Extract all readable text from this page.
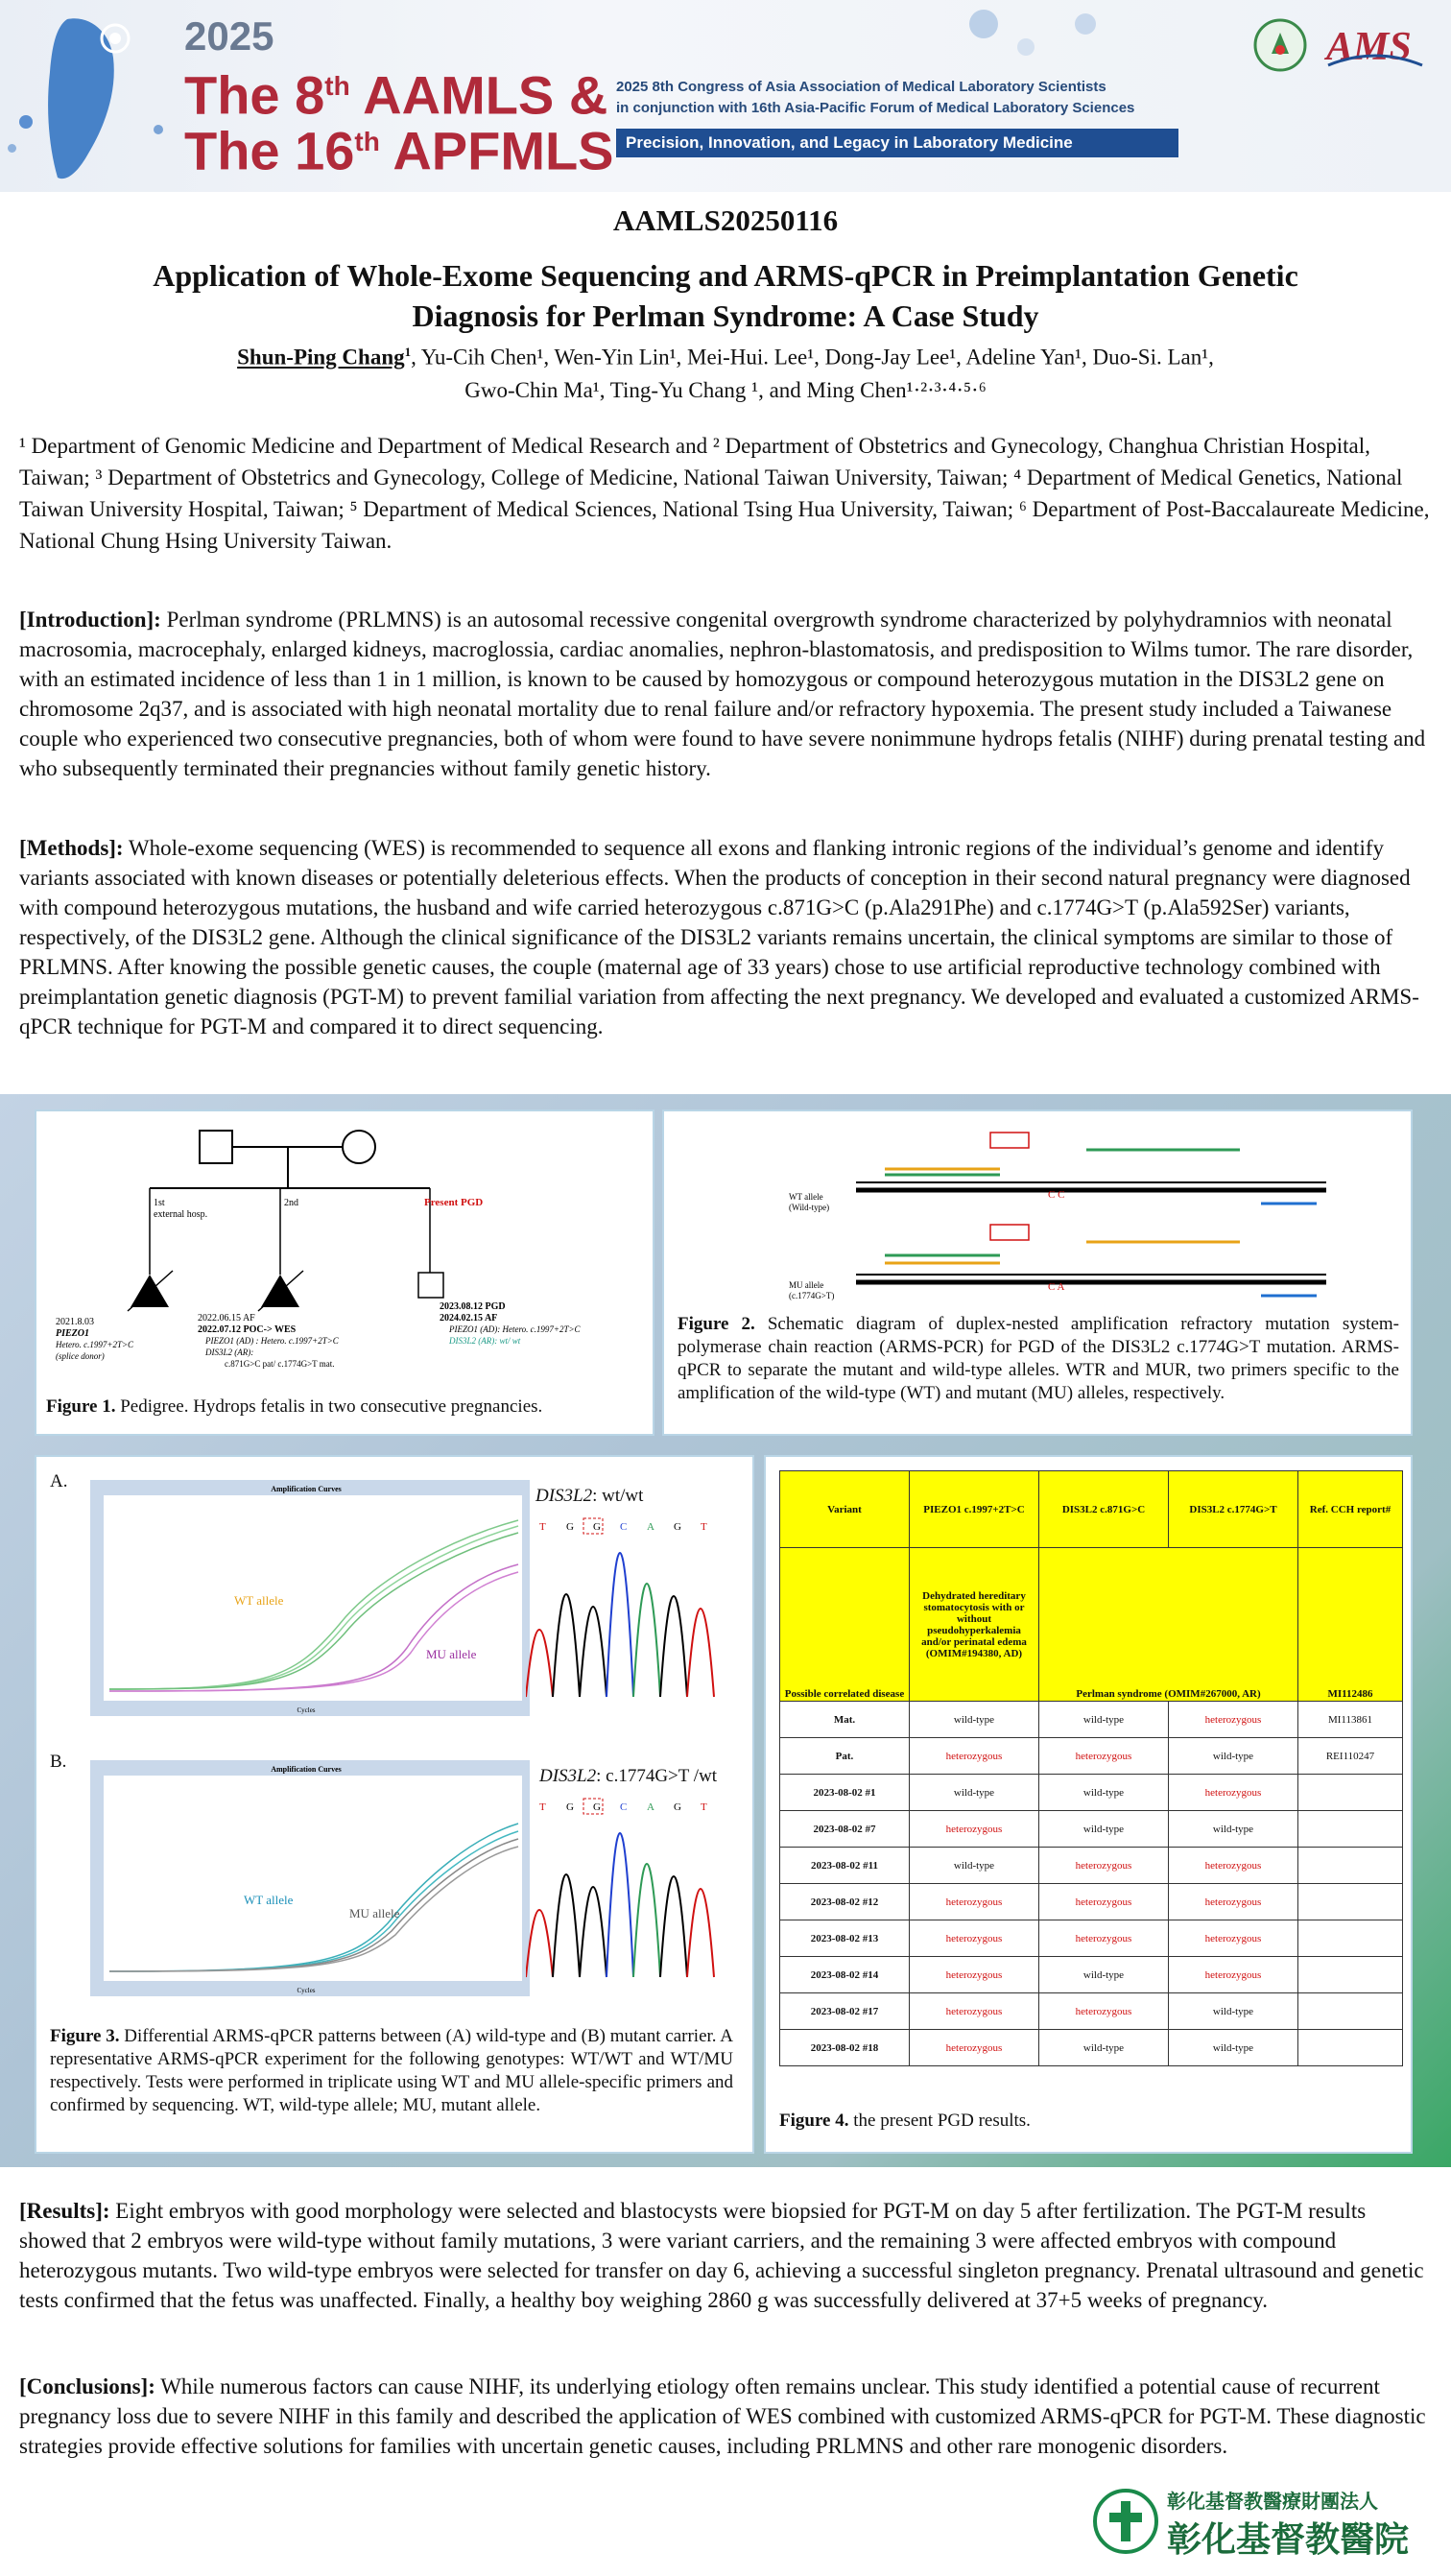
2025
The 8th AAMLS &
The 16th APFMLS
2025 8th Congress of Asia Association of Medical Laboratory Scientists
in conjunction with 16th Asia-Pacific Forum of Medical Laboratory Sciences
Precision, Innovation, and Legacy in Laboratory Medicine
AMS
AAMLS20250116
Application of Whole-Exome Sequencing and ARMS-qPCR in Preimplantation Genetic
Diagnosis for Perlman Syndrome: A Case Study
Shun-Ping Chang$^1$, Yu-Cih Chen¹, Wen-Yin Lin¹, Mei-Hui. Lee¹, Dong-Jay Lee¹, Adeline Yan¹, Duo-Si. Lan¹,
Gwo-Chin Ma¹, Ting-Yu Chang ¹, and Ming Chen¹·²·³·⁴·⁵·⁶
¹ Department of Genomic Medicine and Department of Medical Research and ² Department of Obstetrics and Gynecology, Changhua Christian Hospital, Taiwan; ³ Department of Obstetrics and Gynecology, College of Medicine, National Taiwan University, Taiwan; ⁴ Department of Medical Genetics, National Taiwan University Hospital, Taiwan; ⁵ Department of Medical Sciences, National Tsing Hua University, Taiwan; ⁶ Department of Post-Baccalaureate Medicine, National Chung Hsing University Taiwan.
[Introduction]: Perlman syndrome (PRLMNS) is an autosomal recessive congenital overgrowth syndrome characterized by polyhydramnios with neonatal macrosomia, macrocephaly, enlarged kidneys, macroglossia, cardiac anomalies, nephron-blastomatosis, and predisposition to Wilms tumor. The rare disorder, with an estimated incidence of less than 1 in 1 million, is known to be caused by homozygous or compound heterozygous mutation in the DIS3L2 gene on chromosome 2q37, and is associated with high neonatal mortality due to renal failure and/or refractory hypoxemia. The present study included a Taiwanese couple who experienced two consecutive pregnancies, both of whom were found to have severe nonimmune hydrops fetalis (NIHF) during prenatal testing and who subsequently terminated their pregnancies without family genetic history.
[Methods]: Whole-exome sequencing (WES) is recommended to sequence all exons and flanking intronic regions of the individual’s genome and identify variants associated with known diseases or potentially deleterious effects. When the products of conception in their second natural pregnancy were diagnosed with compound heterozygous mutations, the husband and wife carried heterozygous c.871G>C (p.Ala291Phe) and c.1774G>T (p.Ala592Ser) variants, respectively, of the DIS3L2 gene. Although the clinical significance of the DIS3L2 variants remains uncertain, the clinical symptoms are similar to those of PRLMNS. After knowing the possible genetic causes, the couple (maternal age of 33 years) chose to use artificial reproductive technology combined with preimplantation genetic diagnosis (PGT-M) to prevent familial variation from affecting the next pregnancy. We developed and evaluated a customized ARMS-qPCR technique for PGT-M and compared it to direct sequencing.
1st
external hosp.
2nd	Present PGD
2021.8.03
PIEZO1
Hetero. c.1997+2T>C
(splice donor)
2022.06.15 AF
2022.07.12 POC-> WES
PIEZO1 (AD) : Hetero. c.1997+2T>C
DIS3L2 (AR):
c.871G>C pat/ c.1774G>T mat.
2023.08.12 PGD
2024.02.15 AF
PIEZO1 (AD): Hetero. c.1997+2T>C
DIS3L2 (AR): wt/ wt
Figure 1. Pedigree. Hydrops fetalis in two consecutive pregnancies.
WT allele
(Wild-type)
C C
MU allele
(c.1774G>T)
C A
Figure 2. Schematic diagram of duplex-nested amplification refractory mutation system-polymerase chain reaction (ARMS-PCR) for PGD of the DIS3L2 c.1774G>T mutation. ARMS-qPCR to separate the mutant and wild-type alleles. WTR and MUR, two primers specific to the amplification of the wild-type (WT) and mutant (MU) alleles, respectively.
A.	Amplification Curves
Cycles
WT allele
MU allele
DIS3L2: wt/wt
T G G C A G T
B.	Amplification Curves
Cycles
WT allele
MU allele
DIS3L2: c.1774G>T /wt
T G G C A G T
Figure 3. Differential ARMS-qPCR patterns between (A) wild-type and (B) mutant carrier. A representative ARMS-qPCR experiment for the following genotypes: WT/WT and WT/MU respectively. Tests were performed in triplicate using WT and MU allele-specific primers and confirmed by sequencing. WT, wild-type allele; MU, mutant allele.
Variant	PIEZO1 c.1997+2T>C	DIS3L2 c.871G>C	DIS3L2 c.1774G>T	Ref. CCH report#
Possible correlated disease	Dehydrated hereditary stomatocytosis with or without pseudohyperkalemia and/or perinatal edema (OMIM#194380, AD)	Perlman syndrome (OMIM#267000, AR)		MI112486
Mat.	wild-type	wild-type	heterozygous	MI113861
Pat.	heterozygous	heterozygous	wild-type	REI110247
2023-08-02 #1	wild-type	wild-type	heterozygous	
2023-08-02 #7	heterozygous	wild-type	wild-type	
2023-08-02 #11	wild-type	heterozygous	heterozygous	
2023-08-02 #12	heterozygous	heterozygous	heterozygous	
2023-08-02 #13	heterozygous	heterozygous	heterozygous	
2023-08-02 #14	heterozygous	wild-type	heterozygous	
2023-08-02 #17	heterozygous	heterozygous	wild-type	
2023-08-02 #18	heterozygous	wild-type	wild-type	
Figure 4. the present PGD results.
[Results]: Eight embryos with good morphology were selected and blastocysts were biopsied for PGT-M on day 5 after fertilization. The PGT-M results showed that 2 embryos were wild-type without family mutations, 3 were variant carriers, and the remaining 3 were affected embryos with compound heterozygous mutants. Two wild-type embryos were selected for transfer on day 6, achieving a successful singleton pregnancy. Prenatal ultrasound and genetic tests confirmed that the fetus was unaffected. Finally, a healthy boy weighing 2860 g was successfully delivered at 37+5 weeks of pregnancy.
[Conclusions]: While numerous factors can cause NIHF, its underlying etiology often remains unclear. This study identified a potential cause of recurrent pregnancy loss due to severe NIHF in this family and described the application of WES combined with customized ARMS-qPCR for PGT-M. These diagnostic strategies provide effective solutions for families with uncertain genetic causes, including PRLMNS and other rare monogenic disorders.
彰化基督教醫療財團法人
彰化基督教醫院
